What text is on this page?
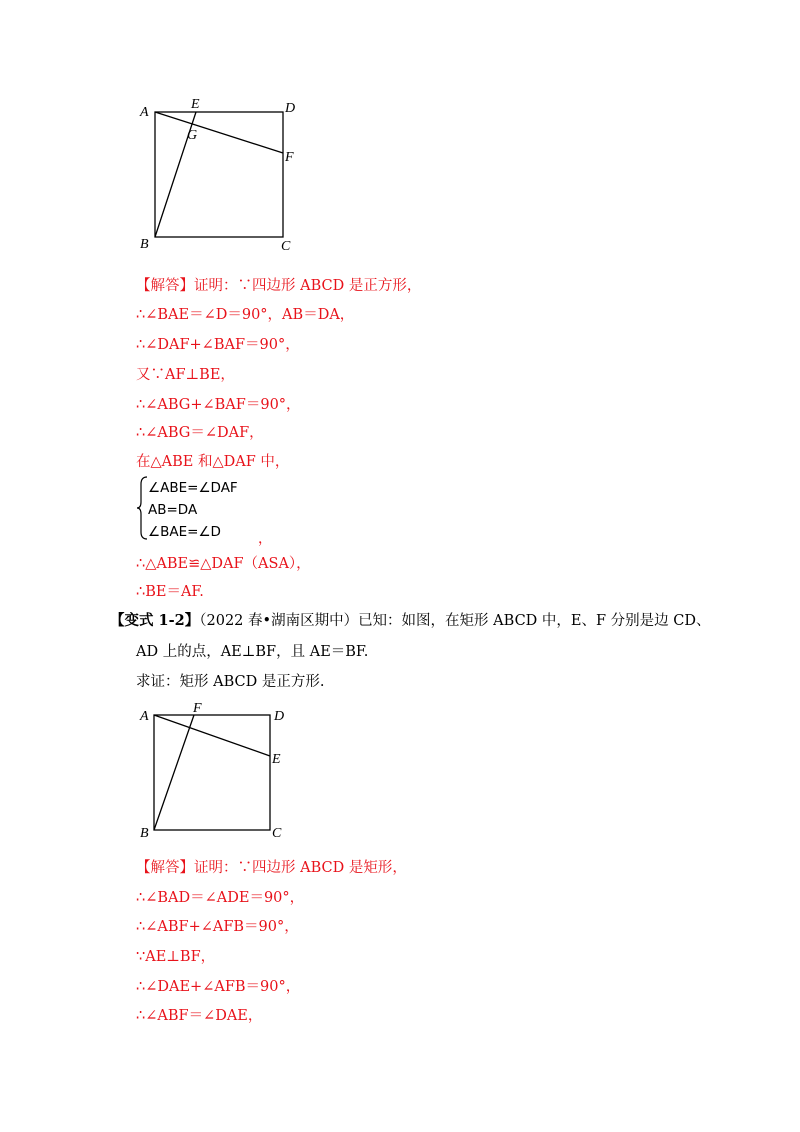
A
E	D
G
F
B	C
【解答】证明：∵四边形 ABCD 是正方形，
∴∠BAE＝∠D＝90°，AB＝DA，
∴∠DAF+∠BAF＝90°，
又∵AF⊥BE，
∴∠ABG+∠BAF＝90°，
∴∠ABG＝∠DAF，
在△ABE 和△DAF 中，
∠ABE=∠DAF
AB=DA
∠BAE=∠D	，
∴△ABE≌△DAF（ASA），
∴BE＝AF.
【变式 1-2】（2022 春•湖南区期中）已知：如图，在矩形 ABCD 中，E、F 分别是边 CD、
AD 上的点，AE⊥BF，且 AE＝BF.
求证：矩形 ABCD 是正方形.
A
F
D
E
B	C
【解答】证明：∵四边形 ABCD 是矩形，
∴∠BAD＝∠ADE＝90°，
∴∠ABF+∠AFB＝90°，
∵AE⊥BF，
∴∠DAE+∠AFB＝90°，
∴∠ABF＝∠DAE，
